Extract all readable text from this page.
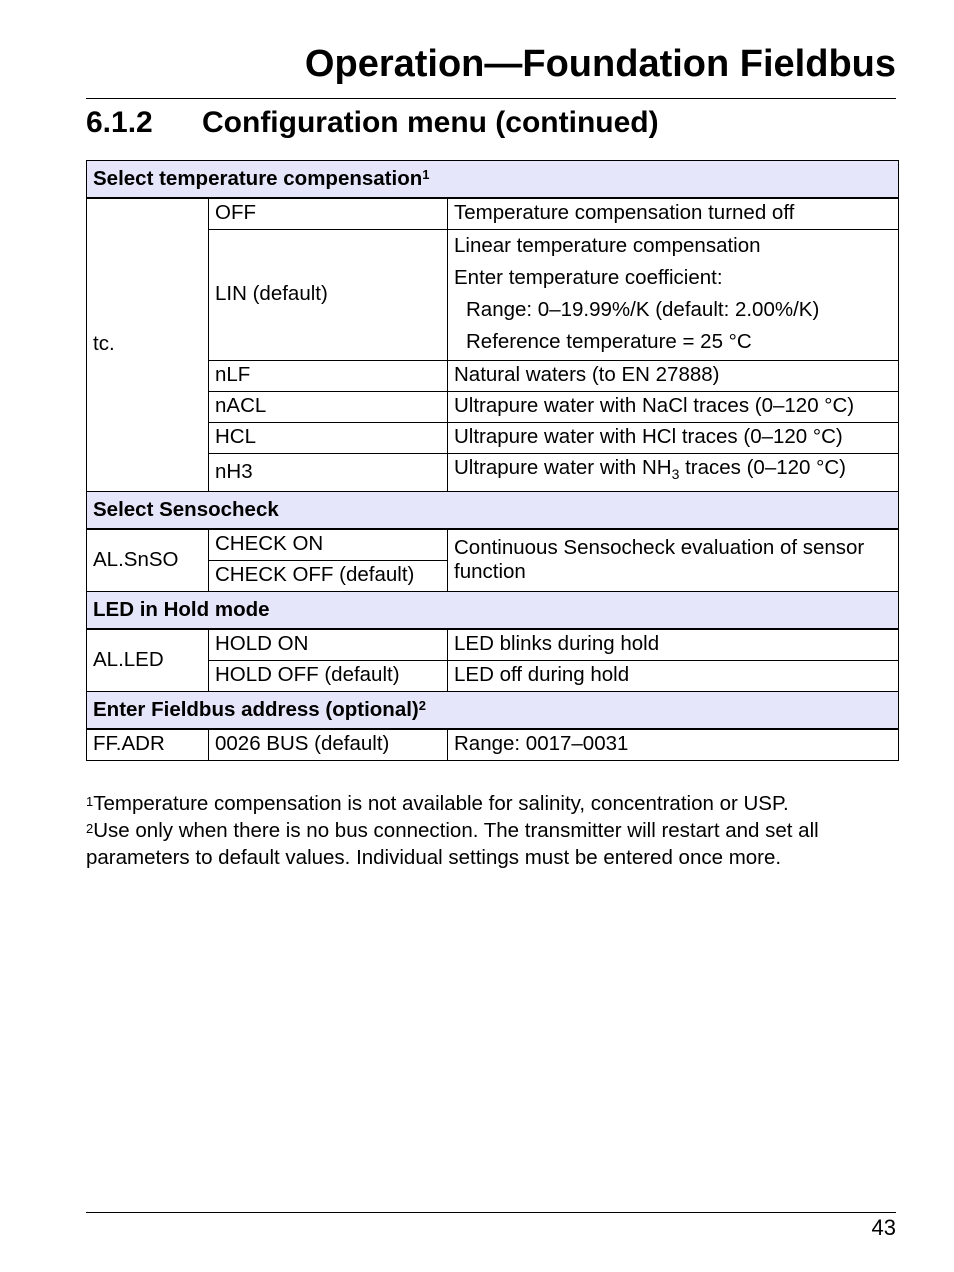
Operation—Foundation Fieldbus
6.1.2 Configuration menu (continued)
Select temperature compensation$^1$
tc.	OFF	Temperature compensation turned off
	LIN (default)	Linear temperature compensation
Enter temperature coefficient:
Range: 0–19.99%/K (default: 2.00%/K)
Reference temperature = 25 °C

	nLF	Natural waters (to EN 27888)
	nACL	Ultrapure water with NaCl traces (0–120 °C)
	HCL	Ultrapure water with HCl traces (0–120 °C)
	nH3	Ultrapure water with $NH_3$ traces (0–120 °C)
Select Sensocheck		
AL.SnSO	CHECK ON	Continuous Sensocheck evaluation of sensor function
	CHECK OFF (default)	
LED in Hold mode		
AL.LED	HOLD ON	LED blinks during hold
	HOLD OFF (default)	LED off during hold
Enter Fieldbus address (optional)$^2$
FF.ADR	0026 BUS (default)	Range: 0017–0031

$^1$Temperature compensation is not available for salinity, concentration or USP.

$^2$Use only when there is no bus connection. The transmitter will restart and set all parameters to default values. Individual settings must be entered once more.

43
